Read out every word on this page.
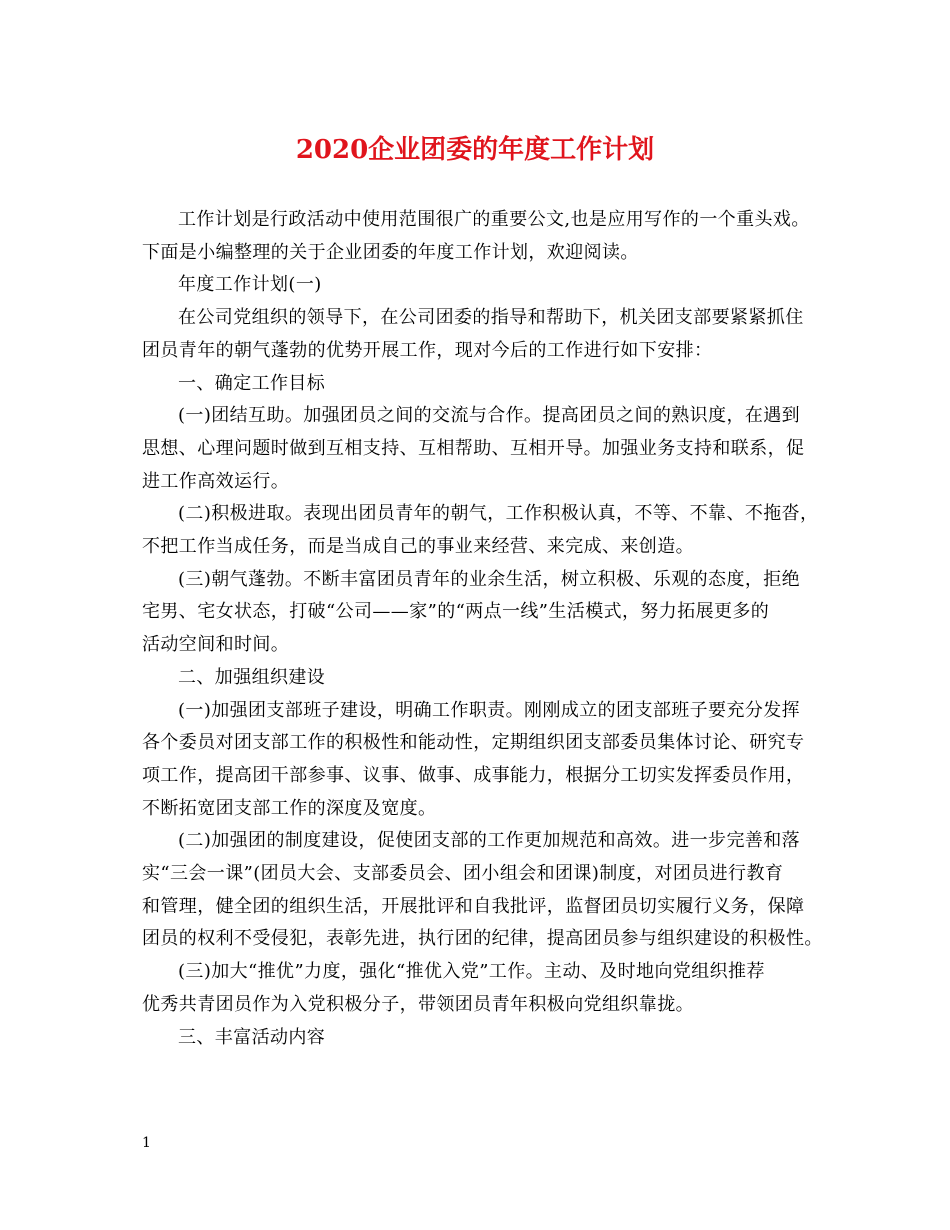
2020企业团委的年度工作计划
工作计划是行政活动中使用范围很广的重要公文,也是应用写作的一个重头戏。
下面是小编整理的关于企业团委的年度工作计划，欢迎阅读。
年度工作计划(一)
在公司党组织的领导下，在公司团委的指导和帮助下，机关团支部要紧紧抓住
团员青年的朝气蓬勃的优势开展工作，现对今后的工作进行如下安排：
一、确定工作目标
(一)团结互助。加强团员之间的交流与合作。提高团员之间的熟识度，在遇到
思想、心理问题时做到互相支持、互相帮助、互相开导。加强业务支持和联系，促
进工作高效运行。
(二)积极进取。表现出团员青年的朝气，工作积极认真，不等、不靠、不拖沓，
不把工作当成任务，而是当成自己的事业来经营、来完成、来创造。
(三)朝气蓬勃。不断丰富团员青年的业余生活，树立积极、乐观的态度，拒绝
宅男、宅女状态，打破“公司——家”的“两点一线”生活模式，努力拓展更多的
活动空间和时间。
二、加强组织建设
(一)加强团支部班子建设，明确工作职责。刚刚成立的团支部班子要充分发挥
各个委员对团支部工作的积极性和能动性，定期组织团支部委员集体讨论、研究专
项工作，提高团干部参事、议事、做事、成事能力，根据分工切实发挥委员作用，
不断拓宽团支部工作的深度及宽度。
(二)加强团的制度建设，促使团支部的工作更加规范和高效。进一步完善和落
实“三会一课”(团员大会、支部委员会、团小组会和团课)制度，对团员进行教育
和管理，健全团的组织生活，开展批评和自我批评，监督团员切实履行义务，保障
团员的权利不受侵犯，表彰先进，执行团的纪律，提高团员参与组织建设的积极性。
(三)加大“推优”力度，强化“推优入党”工作。主动、及时地向党组织推荐
优秀共青团员作为入党积极分子，带领团员青年积极向党组织靠拢。
三、丰富活动内容
1
